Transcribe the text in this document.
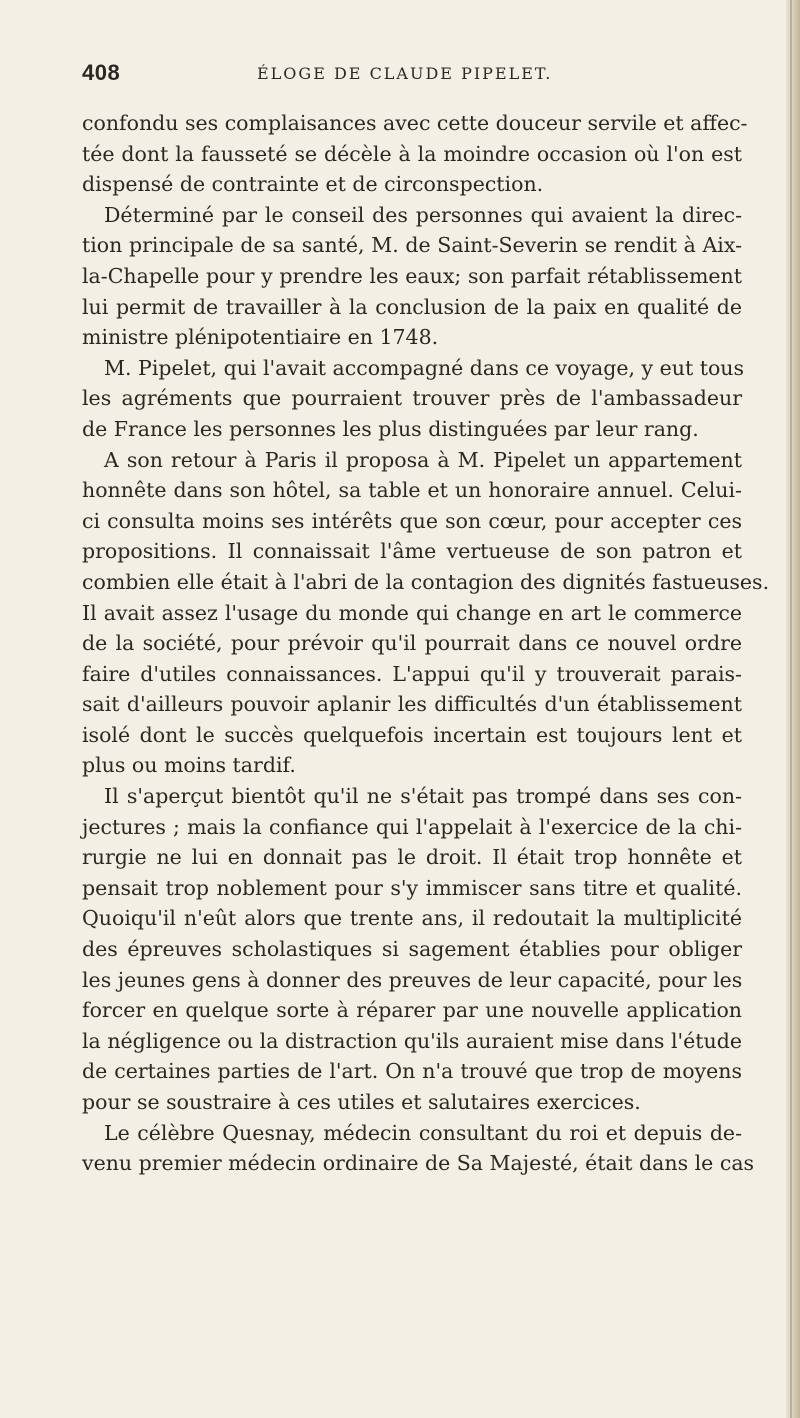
408	ÉLOGE DE CLAUDE PIPELET.
confondu ses complaisances avec cette douceur servile et affec-
tée dont la fausseté se décèle à la moindre occasion où l'on est
dispensé de contrainte et de circonspection.
Déterminé par le conseil des personnes qui avaient la direc-
tion principale de sa santé, M. de Saint-Severin se rendit à Aix-
la-Chapelle pour y prendre les eaux; son parfait rétablissement
lui permit de travailler à la conclusion de la paix en qualité de
ministre plénipotentiaire en 1748.
M. Pipelet, qui l'avait accompagné dans ce voyage, y eut tous
les agréments que pourraient trouver près de l'ambassadeur
de France les personnes les plus distinguées par leur rang.
A son retour à Paris il proposa à M. Pipelet un appartement
honnête dans son hôtel, sa table et un honoraire annuel. Celui-
ci consulta moins ses intérêts que son cœur, pour accepter ces
propositions. Il connaissait l'âme vertueuse de son patron et
combien elle était à l'abri de la contagion des dignités fastueuses.
Il avait assez l'usage du monde qui change en art le commerce
de la société, pour prévoir qu'il pourrait dans ce nouvel ordre
faire d'utiles connaissances. L'appui qu'il y trouverait parais-
sait d'ailleurs pouvoir aplanir les difficultés d'un établissement
isolé dont le succès quelquefois incertain est toujours lent et
plus ou moins tardif.
Il s'aperçut bientôt qu'il ne s'était pas trompé dans ses con-
jectures ; mais la confiance qui l'appelait à l'exercice de la chi-
rurgie ne lui en donnait pas le droit. Il était trop honnête et
pensait trop noblement pour s'y immiscer sans titre et qualité.
Quoiqu'il n'eût alors que trente ans, il redoutait la multiplicité
des épreuves scholastiques si sagement établies pour obliger
les jeunes gens à donner des preuves de leur capacité, pour les
forcer en quelque sorte à réparer par une nouvelle application
la négligence ou la distraction qu'ils auraient mise dans l'étude
de certaines parties de l'art. On n'a trouvé que trop de moyens
pour se soustraire à ces utiles et salutaires exercices.
Le célèbre Quesnay, médecin consultant du roi et depuis de-
venu premier médecin ordinaire de Sa Majesté, était dans le cas
